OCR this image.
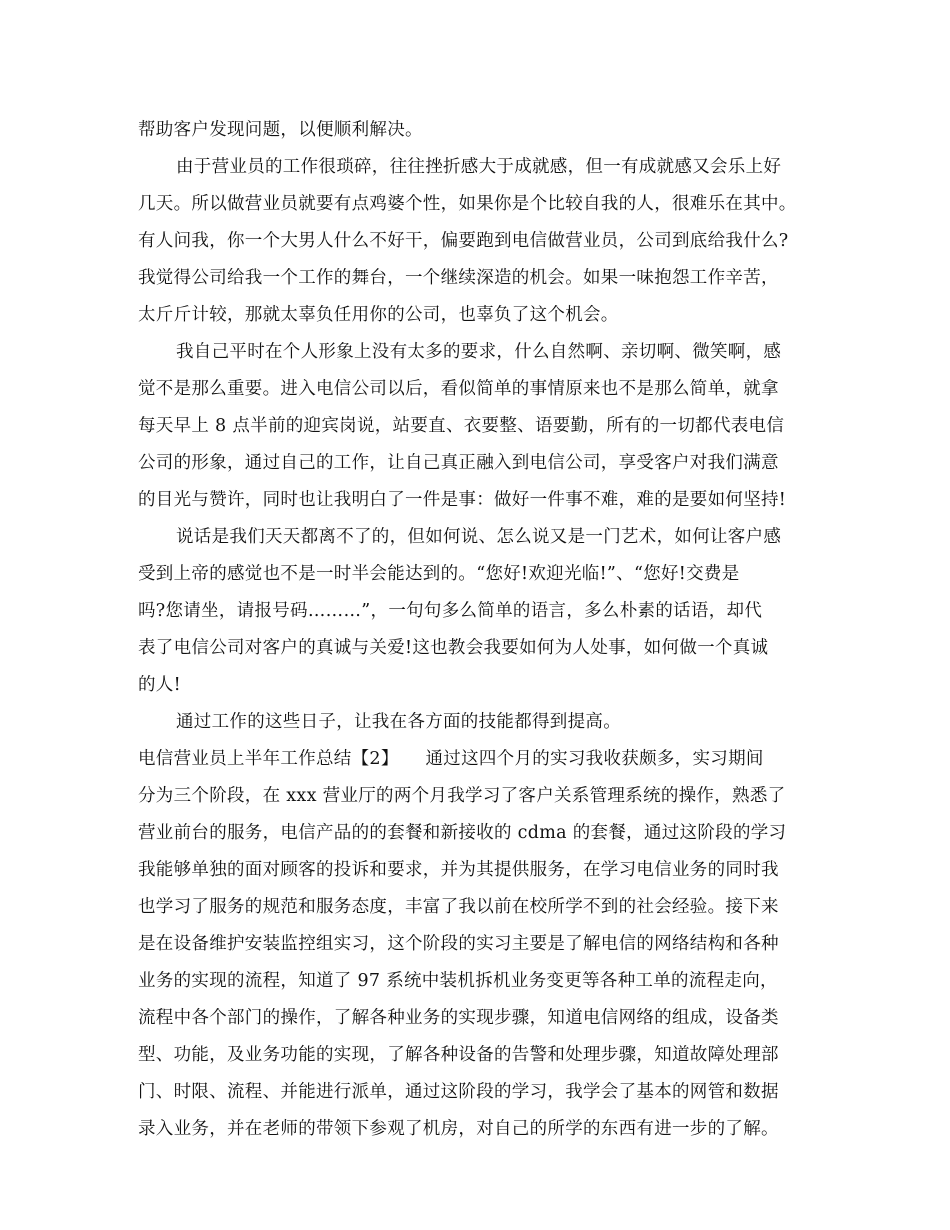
帮助客户发现问题，以便顺利解决。
由于营业员的工作很琐碎，往往挫折感大于成就感，但一有成就感又会乐上好
几天。所以做营业员就要有点鸡婆个性，如果你是个比较自我的人，很难乐在其中。
有人问我，你一个大男人什么不好干，偏要跑到电信做营业员，公司到底给我什么?
我觉得公司给我一个工作的舞台，一个继续深造的机会。如果一味抱怨工作辛苦，
太斤斤计较，那就太辜负任用你的公司，也辜负了这个机会。
我自己平时在个人形象上没有太多的要求，什么自然啊、亲切啊、微笑啊，感
觉不是那么重要。进入电信公司以后，看似简单的事情原来也不是那么简单，就拿
每天早上 8 点半前的迎宾岗说，站要直、衣要整、语要勤，所有的一切都代表电信
公司的形象，通过自己的工作，让自己真正融入到电信公司，享受客户对我们满意
的目光与赞许，同时也让我明白了一件是事：做好一件事不难，难的是要如何坚持!
说话是我们天天都离不了的，但如何说、怎么说又是一门艺术，如何让客户感
受到上帝的感觉也不是一时半会能达到的。“您好!欢迎光临!”、“您好!交费是
吗?您请坐，请报号码………”，一句句多么简单的语言，多么朴素的话语，却代
表了电信公司对客户的真诚与关爱!这也教会我要如何为人处事，如何做一个真诚
的人!
通过工作的这些日子，让我在各方面的技能都得到提高。
电信营业员上半年工作总结【2】　　通过这四个月的实习我收获颇多，实习期间
分为三个阶段，在 xxx 营业厅的两个月我学习了客户关系管理系统的操作，熟悉了
营业前台的服务，电信产品的的套餐和新接收的 cdma 的套餐，通过这阶段的学习
我能够单独的面对顾客的投诉和要求，并为其提供服务，在学习电信业务的同时我
也学习了服务的规范和服务态度，丰富了我以前在校所学不到的社会经验。接下来
是在设备维护安装监控组实习，这个阶段的实习主要是了解电信的网络结构和各种
业务的实现的流程，知道了 97 系统中装机拆机业务变更等各种工单的流程走向，
流程中各个部门的操作，了解各种业务的实现步骤，知道电信网络的组成，设备类
型、功能，及业务功能的实现，了解各种设备的告警和处理步骤，知道故障处理部
门、时限、流程、并能进行派单，通过这阶段的学习，我学会了基本的网管和数据
录入业务，并在老师的带领下参观了机房，对自己的所学的东西有进一步的了解。
